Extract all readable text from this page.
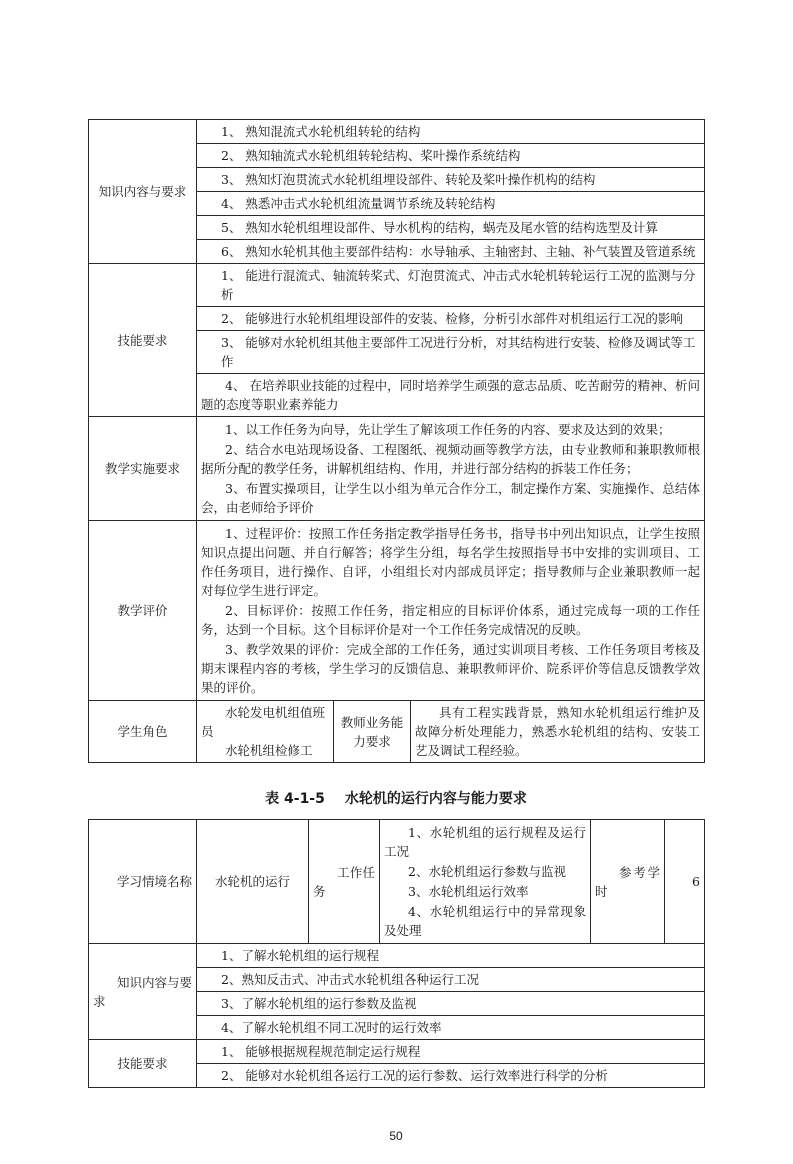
知识内容与要求	1、 熟知混流式水轮机组转轮的结构		
	2、 熟知轴流式水轮机组转轮结构、桨叶操作系统结构		
	3、 熟知灯泡贯流式水轮机组埋设部件、转轮及桨叶操作机构的结构		
	4、 熟悉冲击式水轮机组流量调节系统及转轮结构		
	5、 熟知水轮机组埋设部件、导水机构的结构，蜗壳及尾水管的结构选型及计算		
	6、 熟知水轮机其他主要部件结构：水导轴承、主轴密封、主轴、补气装置及管道系统		
技能要求	1、 能进行混流式、轴流转桨式、灯泡贯流式、冲击式水轮机转轮运行工况的监测与分析		
	2、 能够进行水轮机组埋设部件的安装、检修，分析引水部件对机组运行工况的影响		
	3、 能够对水轮机组其他主要部件工况进行分析，对其结构进行安装、检修及调试等工作		
	4、 在培养职业技能的过程中，同时培养学生顽强的意志品质、吃苦耐劳的精神、析问题的态度等职业素养能力		
教学实施要求	1、以工作任务为向导，先让学生了解该项工作任务的内容、要求及达到的效果；

2、结合水电站现场设备、工程图纸、视频动画等教学方法，由专业教师和兼职教师根据所分配的教学任务，讲解机组结构、作用，并进行部分结构的拆装工作任务；

3、布置实操项目，让学生以小组为单元合作分工，制定操作方案、实施操作、总结体会，由老师给予评价		

教学评价	1、过程评价：按照工作任务指定教学指导任务书，指导书中列出知识点，让学生按照知识点提出问题、并自行解答；将学生分组，每名学生按照指导书中安排的实训项目、工作任务项目，进行操作、自评，小组组长对内部成员评定；指导教师与企业兼职教师一起对每位学生进行评定。

2、目标评价：按照工作任务，指定相应的目标评价体系，通过完成每一项的工作任务，达到一个目标。这个目标评价是对一个工作任务完成情况的反映。

3、教学效果的评价：完成全部的工作任务，通过实训项目考核、工作任务项目考核及期末课程内容的考核，学生学习的反馈信息、兼职教师评价、院系评价等信息反馈教学效果的评价。		

学生角色	水轮发电机组值班员

水轮机组检修工	教师业务能力要求	具有工程实践背景，熟知水轮机组运行维护及故障分析处理能力，熟悉水轮机组的结构、安装工艺及调试工程经验。
表 4-1-5 水轮机的运行内容与能力要求
学习情境名称	水轮机的运行	工作任务	1、水轮机组的运行规程及运行工况

2、水轮机组运行参数与监视

3、水轮机组运行效率

4、水轮机组运行中的异常现象及处理	参考学时	6
知识内容与要求	1、了解水轮机组的运行规程				
	2、熟知反击式、冲击式水轮机组各种运行工况				
	3、了解水轮机组的运行参数及监视				
	4、了解水轮机组不同工况时的运行效率				
技能要求	1、 能够根据规程规范制定运行规程				
	2、 能够对水轮机组各运行工况的运行参数、运行效率进行科学的分析				
50
